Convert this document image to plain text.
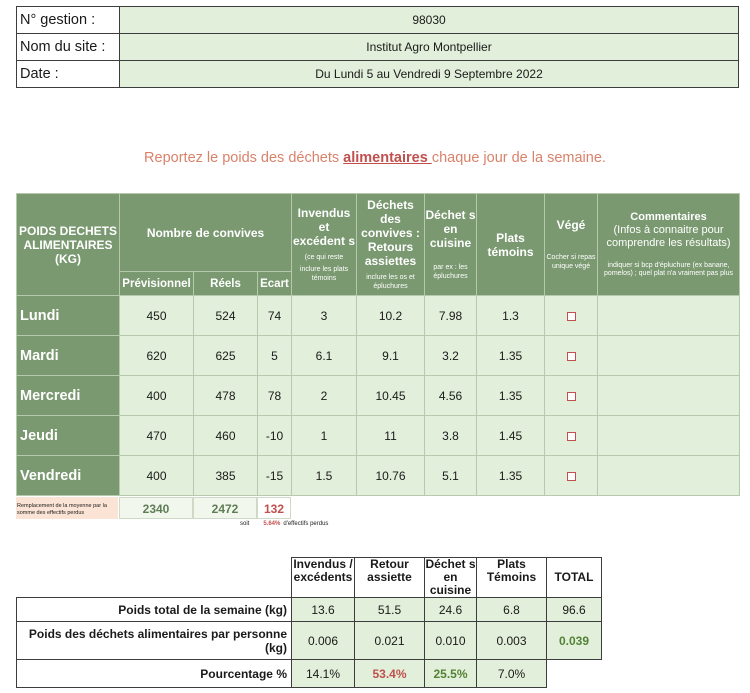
N° gestion :	98030
Nom du site :	Institut Agro Montpellier
Date :	Du Lundi 5 au Vendredi 9 Septembre 2022
Reportez le poids des déchets alimentaires chaque jour de la semaine.
POIDS DECHETS ALIMENTAIRES (KG)	Nombre de convives			Invendus et excédent s
(ce qui reste
inclure les plats témoins	Déchets des convives : Retours assiettes
inclure les os et épluchures	Déchet s en cuisine
par ex : les épluchures	Plats témoins	Végé
Cocher si repas unique végé	Commentaires
(Infos à connaitre pour comprendre les résultats)
indiquer si bcp d'épluchure (ex banane, pomelos) ; quel plat n'a vraiment pas plus

	Prévisionnel	Réels	Ecart						
Lundi	450	524	74	3	10.2	7.98	1.3		
Mardi	620	625	5	6.1	9.1	3.2	1.35		
Mercredi	400	478	78	2	10.45	4.56	1.35		
Jeudi	470	460	-10	1	11	3.8	1.45		
Vendredi	400	385	-15	1.5	10.76	5.1	1.35		
Remplacement de la moyenne par la somme des effectifs perdus	2340	2472	132
soit 5.64% d'effectifs perdus
	Invendus / excédents	Retour assiette	Déchet s en cuisine	Plats Témoins	TOTAL
Poids total de la semaine (kg)	13.6	51.5	24.6	6.8	96.6
Poids des déchets alimentaires par personne (kg)	0.006	0.021	0.010	0.003	0.039
Pourcentage %	14.1%	53.4%	25.5%	7.0%	
